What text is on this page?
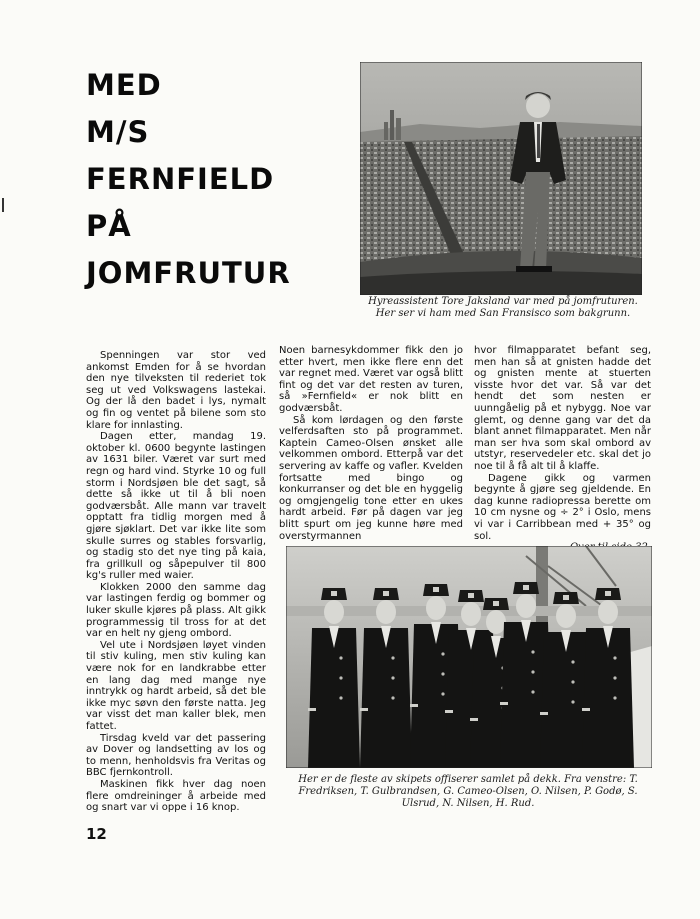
MED
M/S FERNFIELD
PÅ
JOMFRUTUR

Hyreassistent Tore Jaksland var med på jomfruturen. Her ser vi ham med San Fransisco som bakgrunn.

Spenningen var stor ved ankomst Emden for å se hvordan den nye tilveksten til rederiet tok seg ut ved Volkswagens lastekai. Og der lå den badet i lys, nymalt og fin og ventet på bilene som sto klare for innlasting.

Dagen etter, mandag 19. oktober kl. 0600 begynte lastingen av 1631 biler. Været var surt med regn og hard vind. Styrke 10 og full storm i Nordsjøen ble det sagt, så dette så ikke ut til å bli noen godværsbåt. Alle mann var travelt opptatt fra tidlig morgen med å gjøre sjøklart. Det var ikke lite som skulle surres og stables forsvarlig, og stadig sto det nye ting på kaia, fra grillkull og såpepulver til 800 kg's ruller med waier.

Klokken 2000 den samme dag var lastingen ferdig og bommer og luker skulle kjøres på plass. Alt gikk programmessig til tross for at det var en helt ny gjeng ombord.

Vel ute i Nordsjøen løyet vinden til stiv kuling, men stiv kuling kan være nok for en landkrabbe etter en lang dag med mange nye inntrykk og hardt arbeid, så det ble ikke myc søvn den første natta. Jeg var visst det man kaller blek, men fattet.

Tirsdag kveld var det passering av Dover og landsetting av los og to menn, henholdsvis fra Veritas og BBC fjernkontroll.

Maskinen fikk hver dag noen flere omdreininger å arbeide med og snart var vi oppe i 16 knop.

Noen barnesykdommer fikk den jo etter hvert, men ikke flere enn det var regnet med. Været var også blitt fint og det var det resten av turen, så »Fernfield« er nok blitt en godværsbåt.

Så kom lørdagen og den første velferdsaften sto på programmet. Kaptein Cameo-Olsen ønsket alle velkommen ombord. Etterpå var det servering av kaffe og vafler. Kvelden fortsatte med bingo og konkurranser og det ble en hyggelig og omgjengelig tone etter en ukes hardt arbeid. Før på dagen var jeg blitt spurt om jeg kunne høre med overstyrmannen

hvor filmapparatet befant seg, men han så at gnisten hadde det og gnisten mente at stuerten visste hvor det var. Så var det hendt det som nesten er uunngåelig på et nybygg. Noe var glemt, og denne gang var det da blant annet filmapparatet. Men når man ser hva som skal ombord av utstyr, reservedeler etc. skal det jo noe til å få alt til å klaffe.

Dagene gikk og varmen begynte å gjøre seg gjeldende. En dag kunne radiopressa berette om 10 cm nysne og ÷ 2° i Oslo, mens vi var i Carribbean med + 35° og sol.

Her er de fleste av skipets offiserer samlet på dekk. Fra venstre: T. Fredriksen, T. Gulbrandsen, G. Cameo-Olsen, O. Nilsen, P. Godø, S. Ulsrud, N. Nilsen, H. Rud.

12
